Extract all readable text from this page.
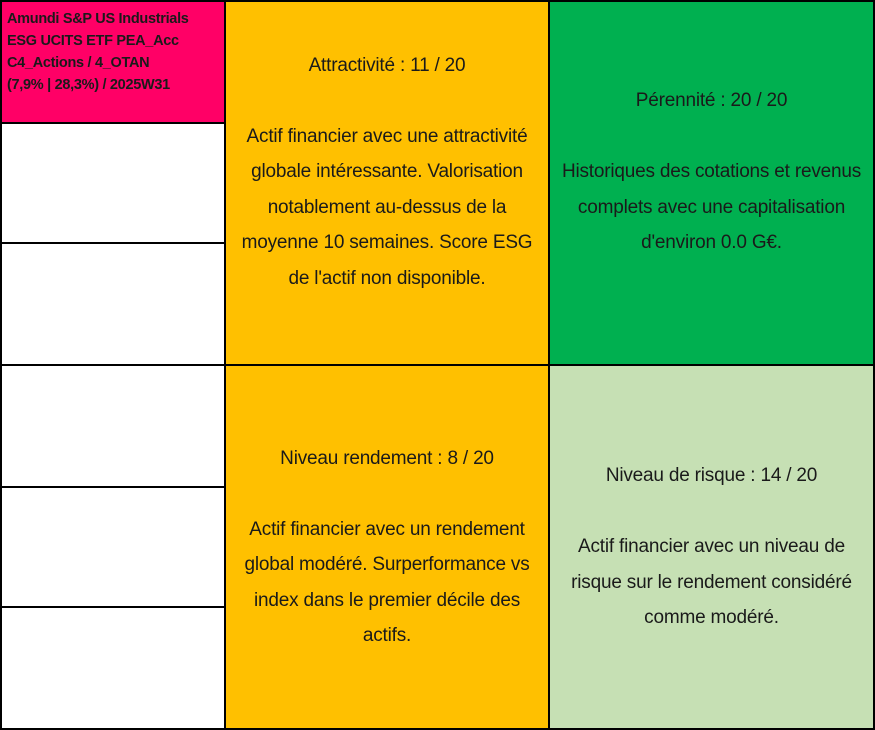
Amundi S&P US Industrials
ESG UCITS ETF PEA_Acc
C4_Actions / 4_OTAN
(7,9% | 28,3%) / 2025W31
Attractivité : 11 / 20
Actif financier avec une attractivité globale intéressante. Valorisation notablement au-dessus de la moyenne 10 semaines. Score ESG de l'actif non disponible.
Pérennité : 20 / 20
Historiques des cotations et revenus complets avec une capitalisation d'environ 0.0 G€.
Niveau rendement : 8 / 20
Actif financier avec un rendement global modéré. Surperformance vs index dans le premier décile des actifs.
Niveau de risque : 14 / 20
Actif financier avec un niveau de risque sur le rendement considéré comme modéré.
